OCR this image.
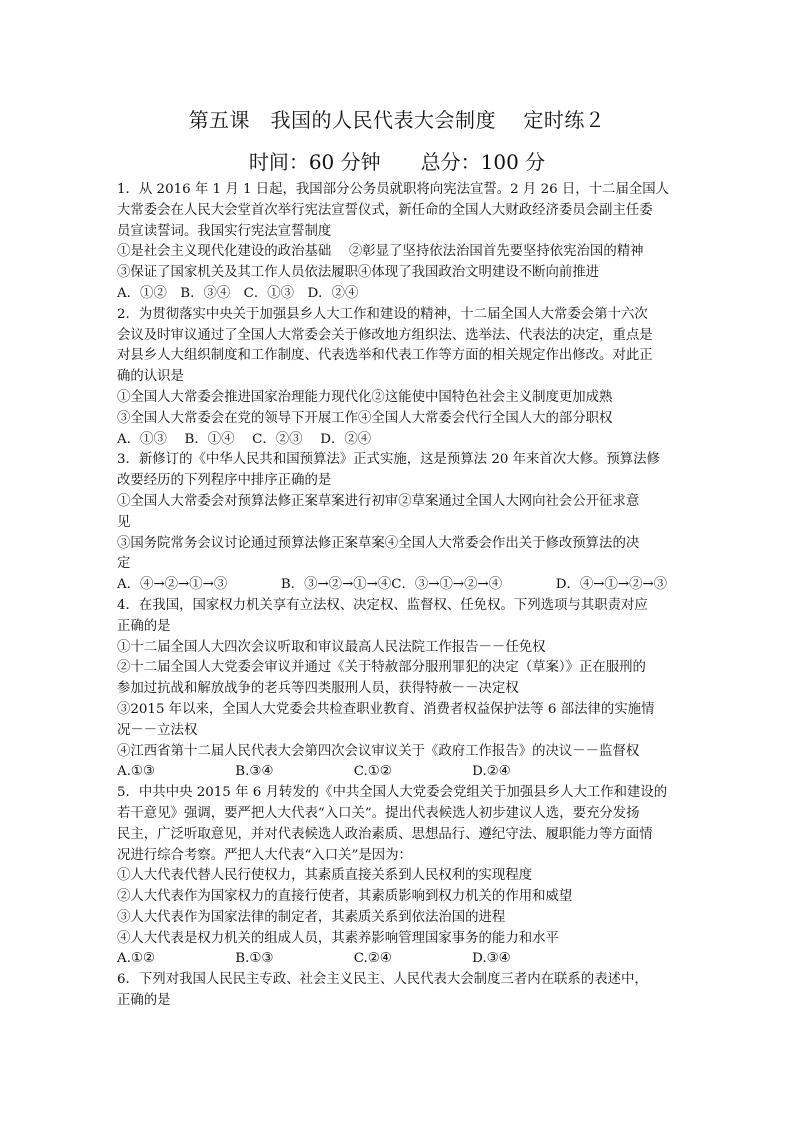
第五课　我国的人民代表大会制度　 定时练２
时间：60 分钟　　总分：100 分

1．从 2016 年 1 月 1 日起，我国部分公务员就职将向宪法宣誓。2 月 26 日，十二届全国人

大常委会在人民大会堂首次举行宪法宣誓仪式，新任命的全国人大财政经济委员会副主任委

员宣读誓词。我国实行宪法宣誓制度

①是社会主义现代化建设的政治基础　 ②彰显了坚持依法治国首先要坚持依宪治国的精神

③保证了国家机关及其工作人员依法履职④体现了我国政治文明建设不断向前推进

A．①②　B．③④　C．①③　D．②④

2．为贯彻落实中央关于加强县乡人大工作和建设的精神，十二届全国人大常委会第十六次

会议及时审议通过了全国人大常委会关于修改地方组织法、选举法、代表法的决定，重点是

对县乡人大组织制度和工作制度、代表选举和代表工作等方面的相关规定作出修改。对此正

确的认识是

①全国人大常委会推进国家治理能力现代化②这能使中国特色社会主义制度更加成熟

③全国人大常委会在党的领导下开展工作④全国人大常委会代行全国人大的部分职权

A．①③　 B．①④　 C．②③　 D．②④

3．新修订的《中华人民共和国预算法》正式实施，这是预算法 20 年来首次大修。预算法修

改要经历的下列程序中排序正确的是

①全国人大常委会对预算法修正案草案进行初审②草案通过全国人大网向社会公开征求意

见

③国务院常务会议讨论通过预算法修正案草案④全国人大常委会作出关于修改预算法的决

定

A．④→②→①→③　　　　B．③→②→①→④C．③→①→②→④　　　　D．④→①→②→③

4．在我国，国家权力机关享有立法权、决定权、监督权、任免权。下列选项与其职责对应

正确的是

①十二届全国人大四次会议听取和审议最高人民法院工作报告－－任免权

②十二届全国人大党委会审议并通过《关于特赦部分服刑罪犯的决定（草案）》正在服刑的

参加过抗战和解放战争的老兵等四类服刑人员，获得特赦－－决定权

③2015 年以来，全国人大党委会共检查职业教育、消费者权益保护法等 6 部法律的实施情

况－－立法权

④江西省第十二届人民代表大会第四次会议审议关于《政府工作报告》的决议－－监督权

A.①③　　　　　　B.③④　　　　　　C.①②　　　　　　D.②④

5．中共中央 2015 年 6 月转发的《中共全国人大党委会党组关于加强县乡人大工作和建设的

若干意见》强调，要严把人大代表“入口关”。提出代表候选人初步建议人选，要充分发扬

民主，广泛听取意见，并对代表候选人政治素质、思想品行、遵纪守法、履职能力等方面情

况进行综合考察。严把人大代表“入口关”是因为：

①人大代表代替人民行使权力，其素质直接关系到人民权利的实现程度

②人大代表作为国家权力的直接行使者，其素质影响到权力机关的作用和威望

③人大代表作为国家法律的制定者，其素质关系到依法治国的进程

④人大代表是权力机关的组成人员，其素养影响管理国家事务的能力和水平

A.①②　　　　　　B.①③　　　　　　C.②④　　　　　　D.③④

6．下列对我国人民民主专政、社会主义民主、人民代表大会制度三者内在联系的表述中，

正确的是
